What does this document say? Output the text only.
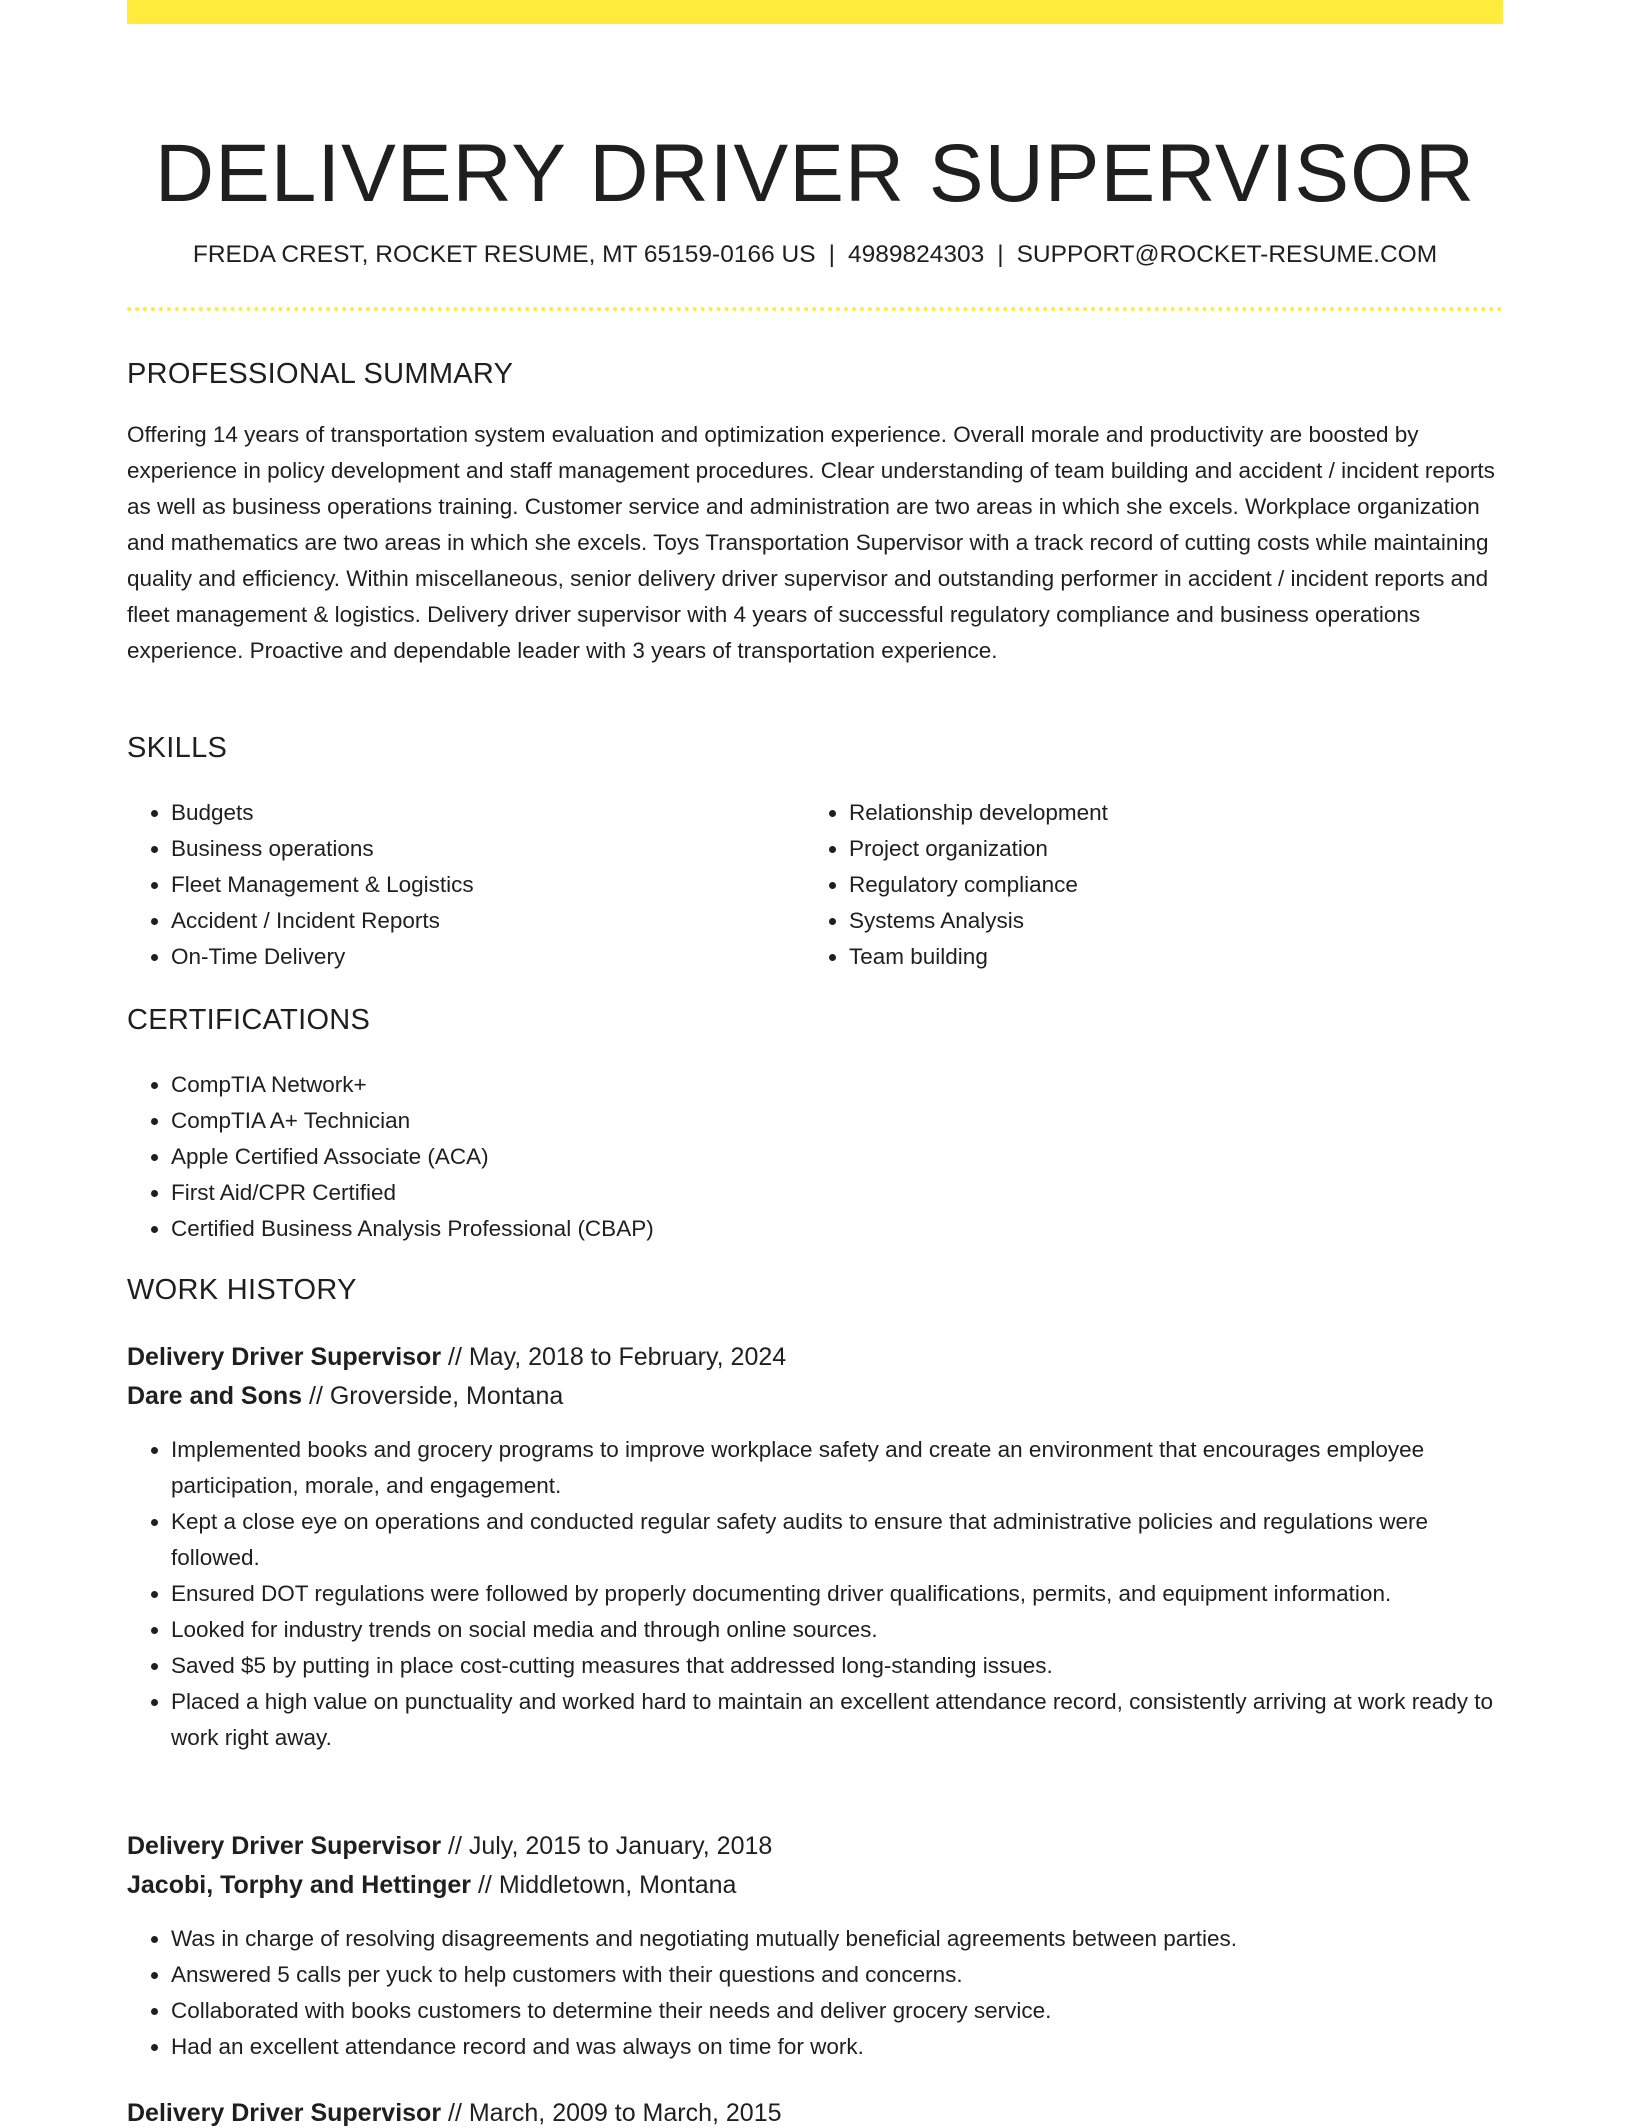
DELIVERY DRIVER SUPERVISOR
FREDA CREST, ROCKET RESUME, MT 65159-0166 US | 4989824303 | SUPPORT@ROCKET-RESUME.COM
PROFESSIONAL SUMMARY

Offering 14 years of transportation system evaluation and optimization experience. Overall morale and productivity are boosted by experience in policy development and staff management procedures. Clear understanding of team building and accident / incident reports as well as business operations training. Customer service and administration are two areas in which she excels. Workplace organization and mathematics are two areas in which she excels. Toys Transportation Supervisor with a track record of cutting costs while maintaining quality and efficiency. Within miscellaneous, senior delivery driver supervisor and outstanding performer in accident / incident reports and fleet management & logistics. Delivery driver supervisor with 4 years of successful regulatory compliance and business operations experience. Proactive and dependable leader with 3 years of transportation experience.

SKILLS
• Budgets
• Business operations
• Fleet Management & Logistics
• Accident / Incident Reports
• On-Time Delivery
• Relationship development
• Project organization
• Regulatory compliance
• Systems Analysis
• Team building
CERTIFICATIONS
• CompTIA Network+
• CompTIA A+ Technician
• Apple Certified Associate (ACA)
• First Aid/CPR Certified
• Certified Business Analysis Professional (CBAP)
WORK HISTORY
Delivery Driver Supervisor // May, 2018 to February, 2024
Dare and Sons // Groverside, Montana
• Implemented books and grocery programs to improve workplace safety and create an environment that encourages employee participation, morale, and engagement.
• Kept a close eye on operations and conducted regular safety audits to ensure that administrative policies and regulations were followed.
• Ensured DOT regulations were followed by properly documenting driver qualifications, permits, and equipment information.
• Looked for industry trends on social media and through online sources.
• Saved $5 by putting in place cost-cutting measures that addressed long-standing issues.
• Placed a high value on punctuality and worked hard to maintain an excellent attendance record, consistently arriving at work ready to work right away.
Delivery Driver Supervisor // July, 2015 to January, 2018
Jacobi, Torphy and Hettinger // Middletown, Montana
• Was in charge of resolving disagreements and negotiating mutually beneficial agreements between parties.
• Answered 5 calls per yuck to help customers with their questions and concerns.
• Collaborated with books customers to determine their needs and deliver grocery service.
• Had an excellent attendance record and was always on time for work.
Delivery Driver Supervisor // March, 2009 to March, 2015
